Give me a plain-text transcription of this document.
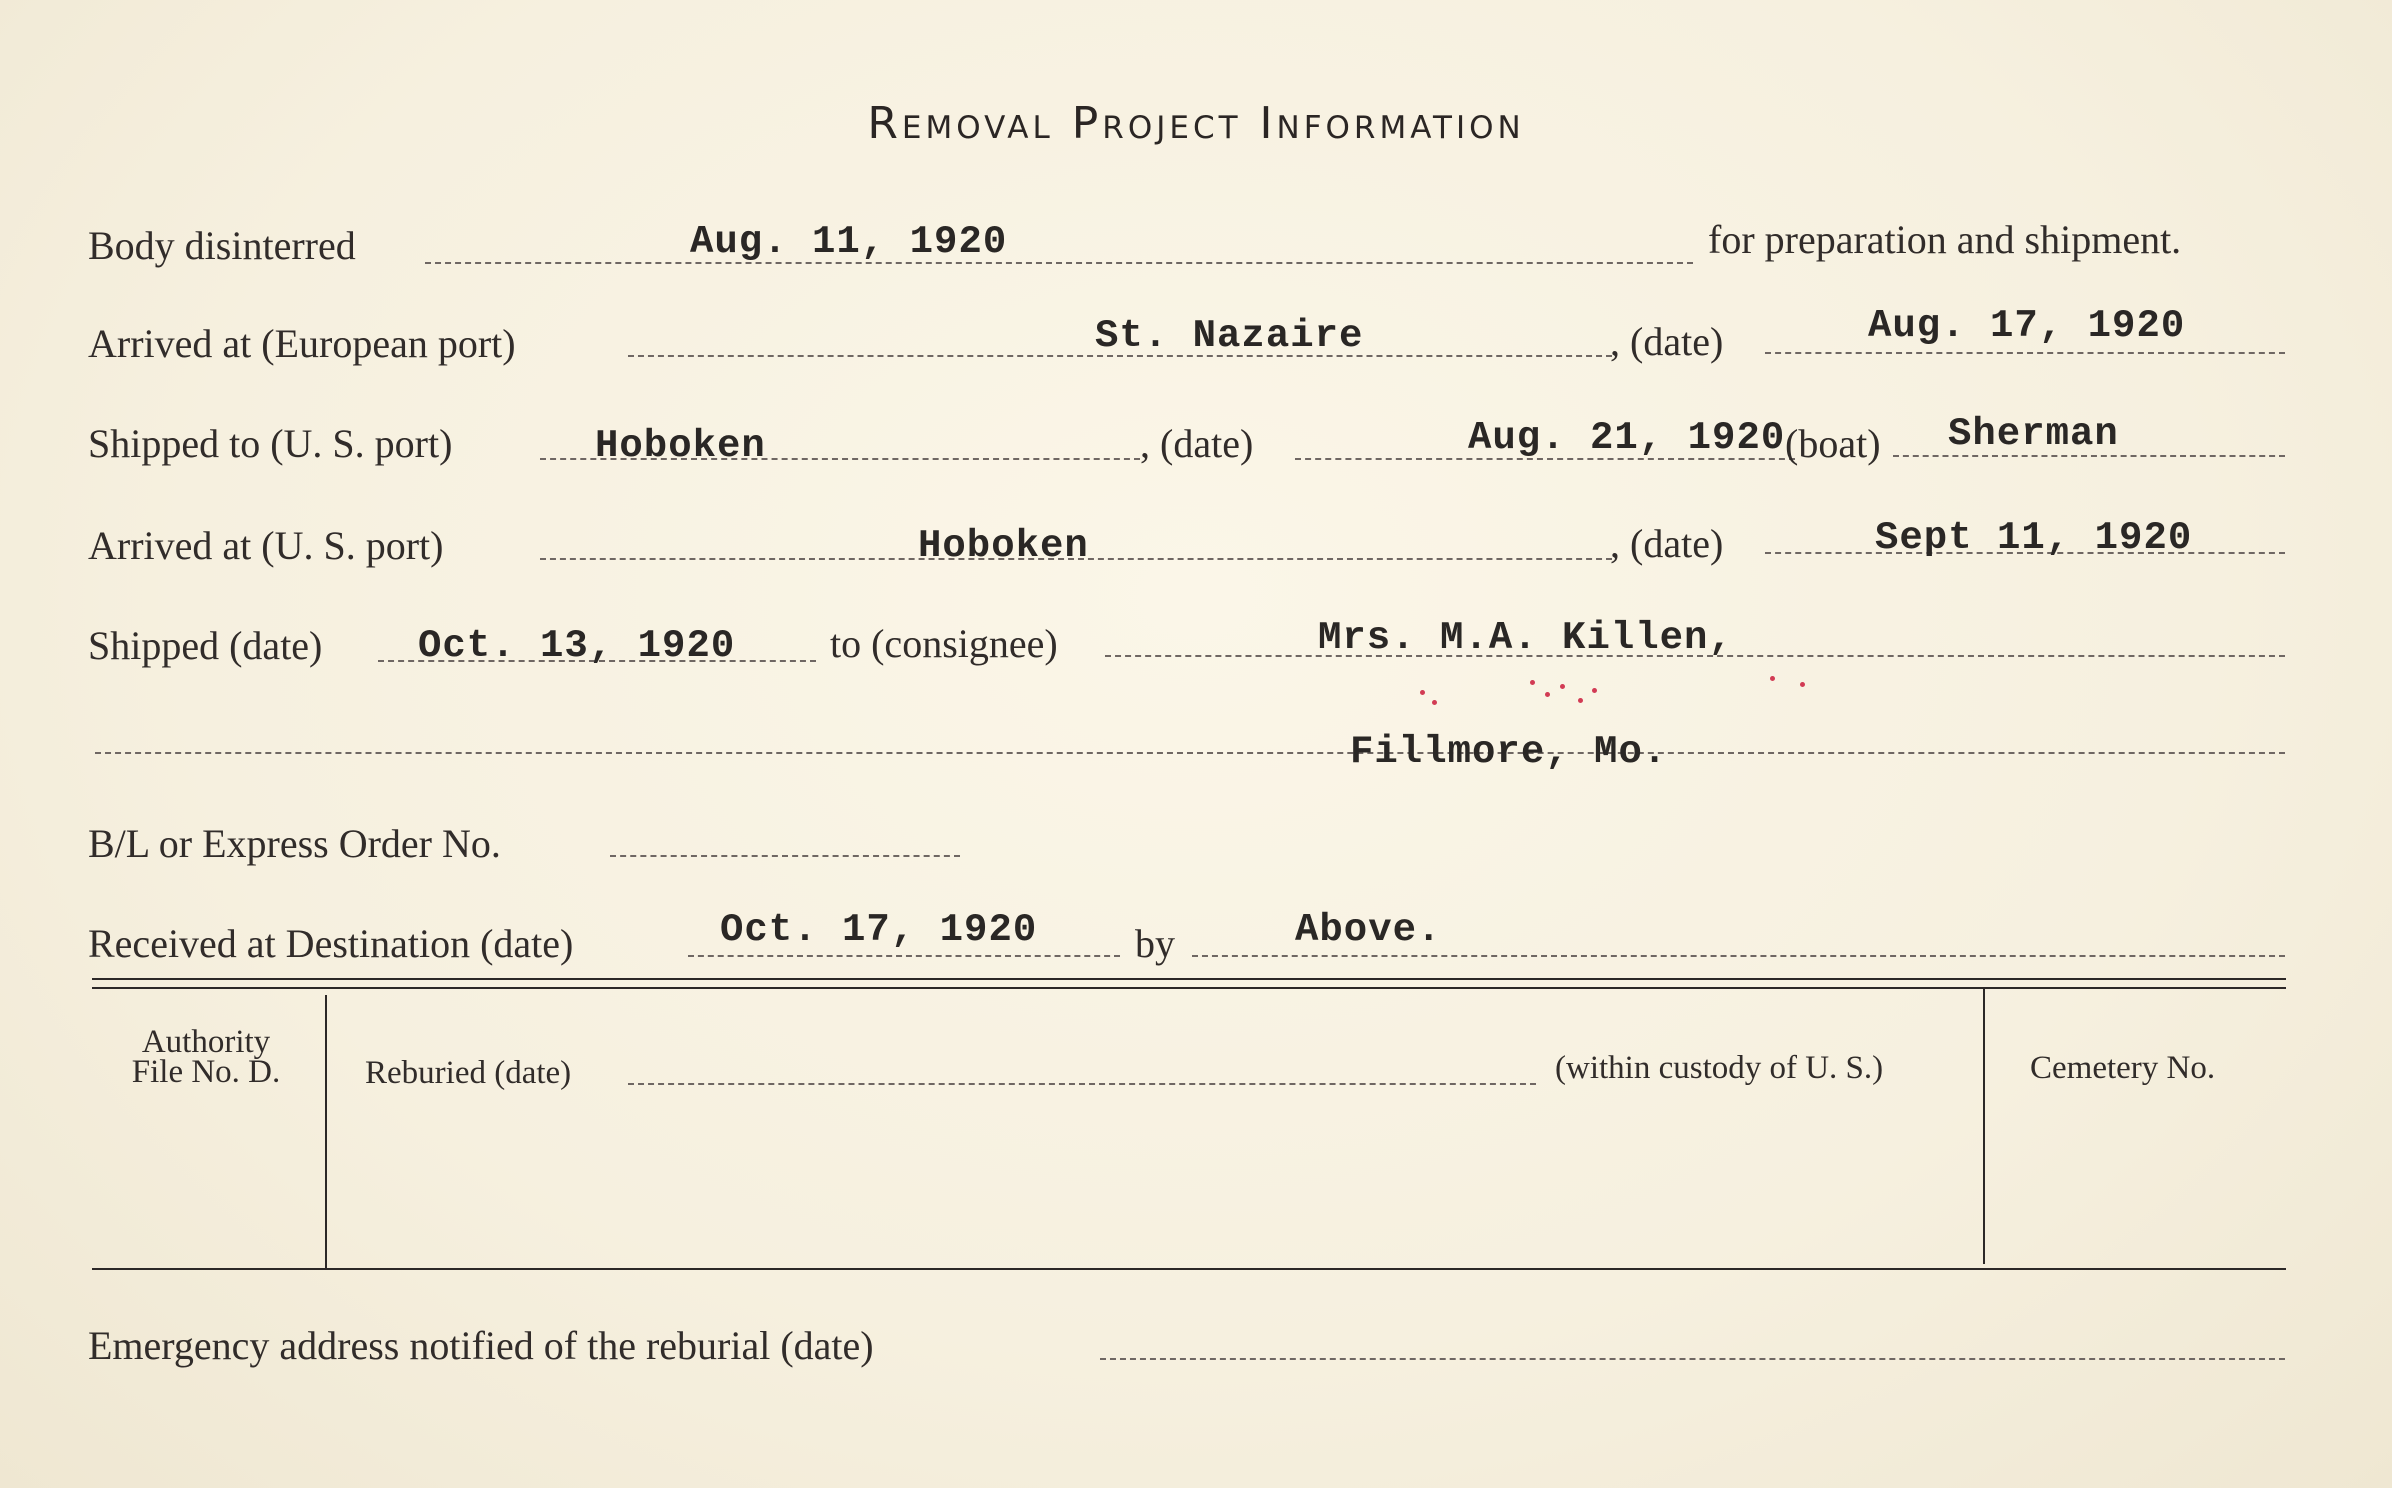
Removal Project Information
Body disinterred	Aug. 11, 1920	for preparation and shipment.
Arrived at (European port)	St. Nazaire	, (date)	Aug. 17, 1920
Shipped to (U. S. port)	Hoboken	, (date)	Aug. 21, 1920 (boat) Sherman
Arrived at (U. S. port)	Hoboken	, (date)	Sept 11, 1920
Shipped (date) Oct. 13, 1920 to (consignee)	Mrs. M.A. Killen,
Fillmore, Mo.
B/L or Express Order No.
Received at Destination (date)	Oct. 17, 1920 by	Above.
Authority
File No. D.	Reburied (date)	(within custody of U. S.)	Cemetery No.
Emergency address notified of the reburial (date)
